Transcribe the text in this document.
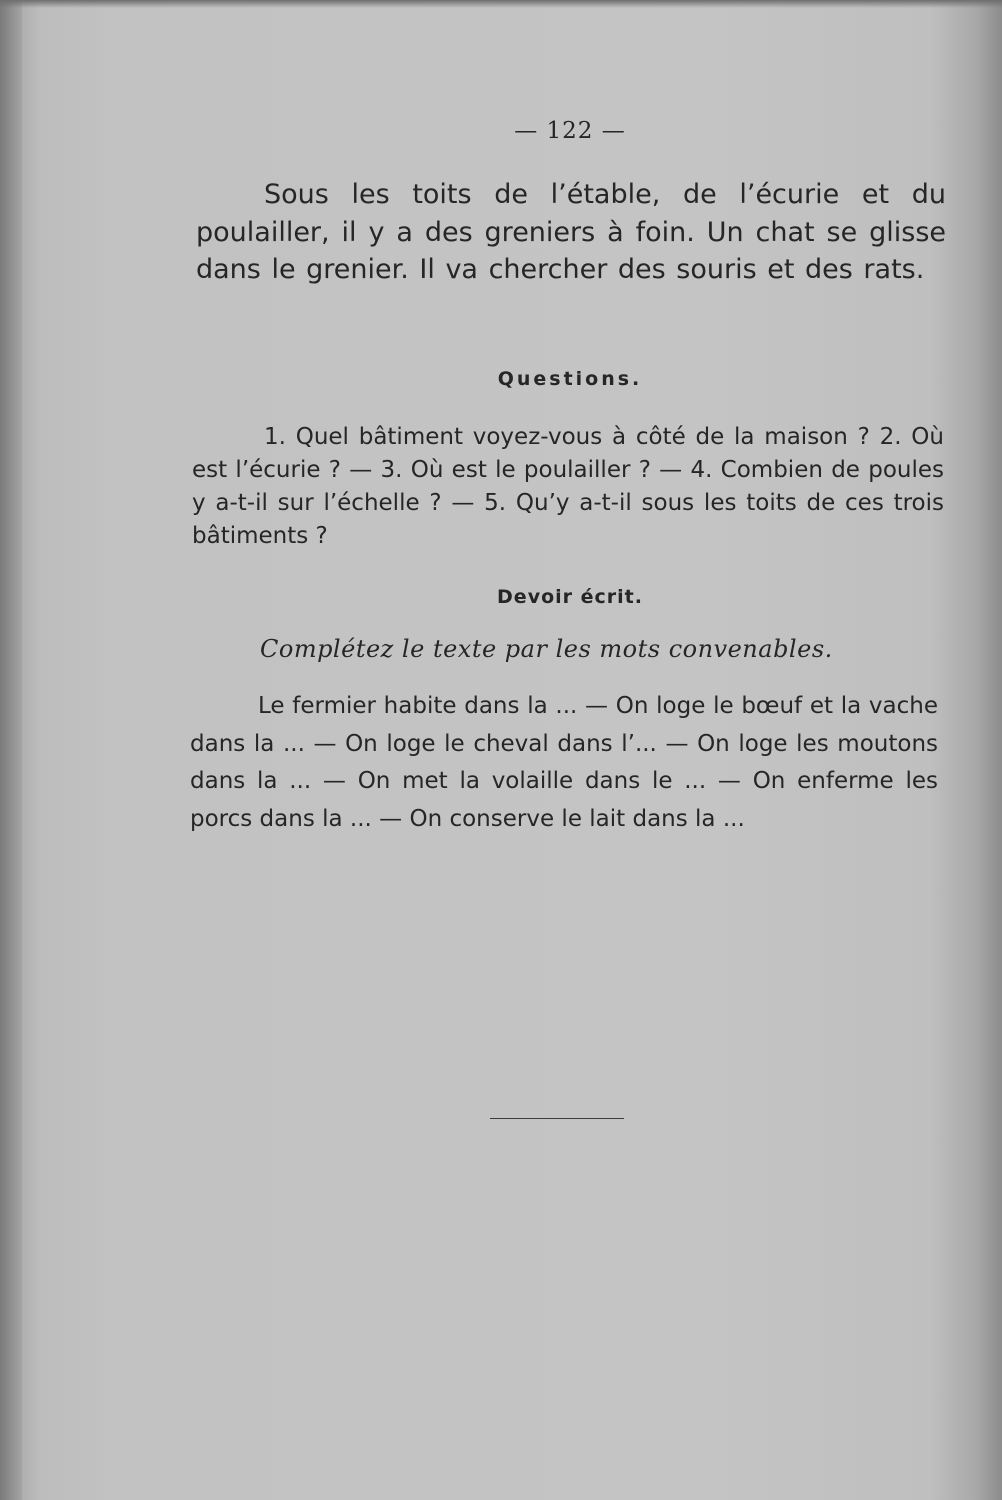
— 122 —
Sous les toits de l’étable, de l’écurie et du poulailler, il y a des greniers à foin. Un chat se glisse dans le grenier. Il va chercher des souris et des rats.
Questions.
1. Quel bâtiment voyez-vous à côté de la maison ? 2. Où est l’écurie ? — 3. Où est le poulailler ? — 4. Combien de poules y a-t-il sur l’échelle ? — 5. Qu’y a-t-il sous les toits de ces trois bâtiments ?
Devoir écrit.
Complétez le texte par les mots convenables.
Le fermier habite dans la ... — On loge le bœuf et la vache dans la ... — On loge le cheval dans l’... — On loge les moutons dans la ... — On met la volaille dans le ... — On enferme les porcs dans la ... — On conserve le lait dans la ...
